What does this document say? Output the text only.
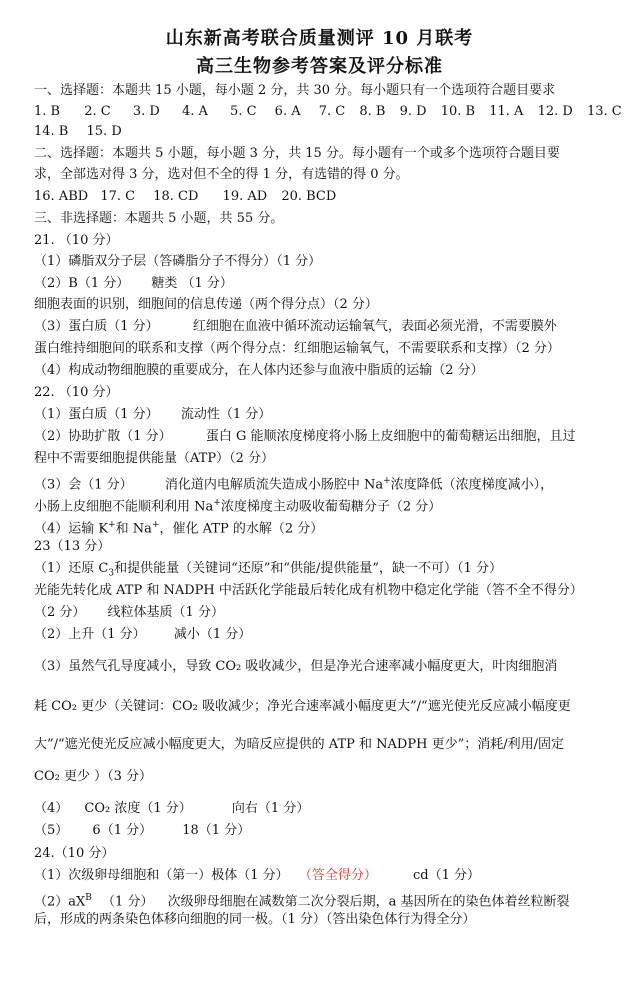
山东新高考联合质量测评 10 月联考
高三生物参考答案及评分标准
一、选择题：本题共 15 小题，每小题 2 分，共 30 分。每小题只有一个选项符合题目要求
1. B 2. C 3. D 4. A 5. C 6. A 7. C 8. B 9. D 10. B 11. A 12. D 13. C
14. B 15. D
二、选择题：本题共 5 小题，每小题 3 分，共 15 分。每小题有一个或多个选项符合题目要
求，全部选对得 3 分，选对但不全的得 1 分，有选错的得 0 分。
16. ABD 17. C 18. CD 19. AD 20. BCD
三、非选择题：本题共 5 小题，共 55 分。
21. （10 分）
（1）磷脂双分子层（答磷脂分子不得分）（1 分）
（2）B（1 分） 糖类 （1 分）
细胞表面的识别，细胞间的信息传递（两个得分点）（2 分）
（3）蛋白质（1 分）	红细胞在血液中循环流动运输氧气，表面必须光滑，不需要膜外
蛋白维持细胞间的联系和支撑（两个得分点：红细胞运输氧气，不需要联系和支撑）（2 分）
（4）构成动物细胞膜的重要成分，在人体内还参与血液中脂质的运输（2 分）
22. （10 分）
（1）蛋白质（1 分） 流动性（1 分）
（2）协助扩散（1 分）	蛋白 G 能顺浓度梯度将小肠上皮细胞中的葡萄糖运出细胞，且过
程中不需要细胞提供能量（ATP）（2 分）
（3）会（1 分） 消化道内电解质流失造成小肠腔中 Na+浓度降低（浓度梯度减小），
小肠上皮细胞不能顺利利用 Na+浓度梯度主动吸收葡萄糖分子（2 分）
（4）运输 K+和 Na+，催化 ATP 的水解（2 分）
23（13 分）
（1）还原 $C_3$和提供能量（关键词“还原”和“供能/提供能量”，缺一不可）（1 分）
光能先转化成 ATP 和 NADPH 中活跃化学能最后转化成有机物中稳定化学能（答不全不得分）
（2 分） 线粒体基质（1 分）
（2）上升（1 分） 减小（1 分）
（3）虽然气孔导度减小，导致 CO₂ 吸收减少，但是净光合速率减小幅度更大，叶肉细胞消
耗 CO₂ 更少（关键词：CO₂ 吸收减少；净光合速率减小幅度更大”/“遮光使光反应减小幅度更
大”/“遮光使光反应减小幅度更大，为暗反应提供的 ATP 和 NADPH 更少”；消耗/利用/固定
CO₂ 更少 ）（3 分）
（4） CO₂ 浓度（1 分）	向右（1 分）
（5） 6（1 分） 18（1 分）
24.（10 分）
（1）次级卵母细胞和（第一）极体（1 分） （答全得分）	cd（1 分）
$(2)aX^B$ （1 分） 次级卵母细胞在减数第二次分裂后期，a 基因所在的染色体着丝粒断裂
后，形成的两条染色体移向细胞的同一极。（1 分）（答出染色体行为得全分）
